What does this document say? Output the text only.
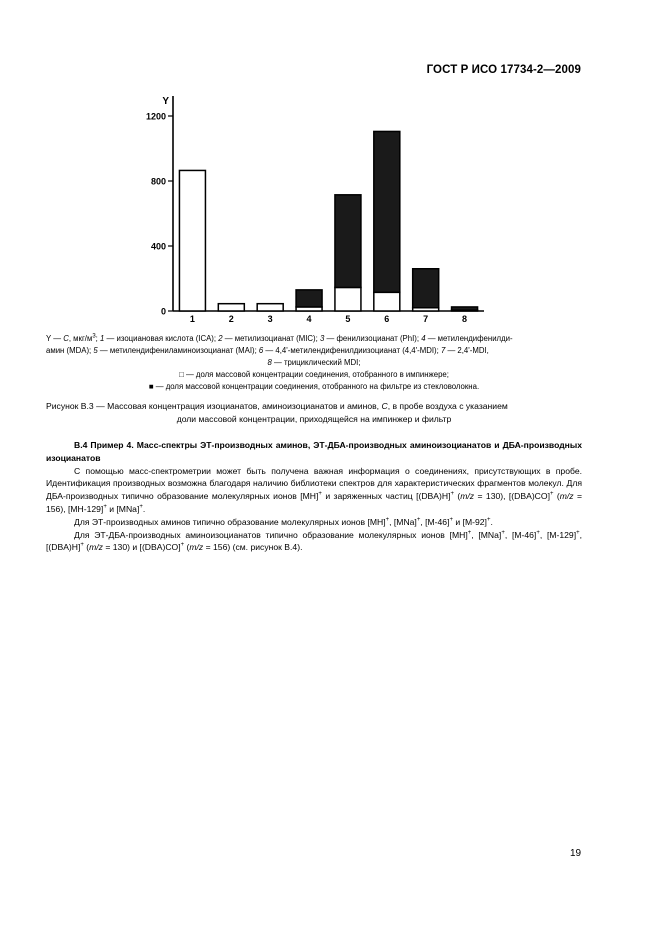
ГОСТ Р ИСО 17734-2—2009
Y
0
400
800
1200
1	2	3	4	5	6	7	8
Y — C, мкг/$м^3$; 1 — изоциановая кислота (ICA); 2 — метилизоцианат (MIC); 3 — фенилизоцианат (PhI); 4 — метилендифенилди-
амин (MDA); 5 — метилендифениламиноизоцианат (MAI); 6 — 4,4'-метилендифенилдиизоцианат (4,4'-MDI); 7 — 2,4'-MDI,
8 — трициклический MDI;
□ — доля массовой концентрации соединения, отобранного в импинжере;
■ — доля массовой концентрации соединения, отобранного на фильтре из стекловолокна.
Рисунок В.3 — Массовая концентрация изоцианатов, аминоизоцианатов и аминов, C, в пробе воздуха с указанием
доли массовой концентрации, приходящейся на импинжер и фильтр
В.4 Пример 4. Масс-спектры ЭТ-производных аминов, ЭТ-ДБА-производных аминоизоцианатов и ДБА-производных изоцианатов

С помощью масс-спектрометрии может быть получена важная информация о соединениях, присутствующих в пробе. Идентификация производных возможна благодаря наличию библиотеки спектров для характеристических фрагментов молекул. Для ДБА-производных типично образование молекулярных ионов [MH]+ и заряженных частиц [(DBA)H]+ (m/z = 130), [(DBA)CO]+ (m/z = 156), [MH-129]+ и [MNa]+.

Для ЭТ-производных аминов типично образование молекулярных ионов [MH]+, [MNa]+, [M-46]+ и [M-92]+.

Для ЭТ-ДБА-производных аминоизоцианатов типично образование молекулярных ионов [MH]+, [MNa]+, [M-46]+, [M-129]+, [(DBA)H]+ (m/z = 130) и [(DBA)CO]+ (m/z = 156) (см. рисунок В.4).

19
